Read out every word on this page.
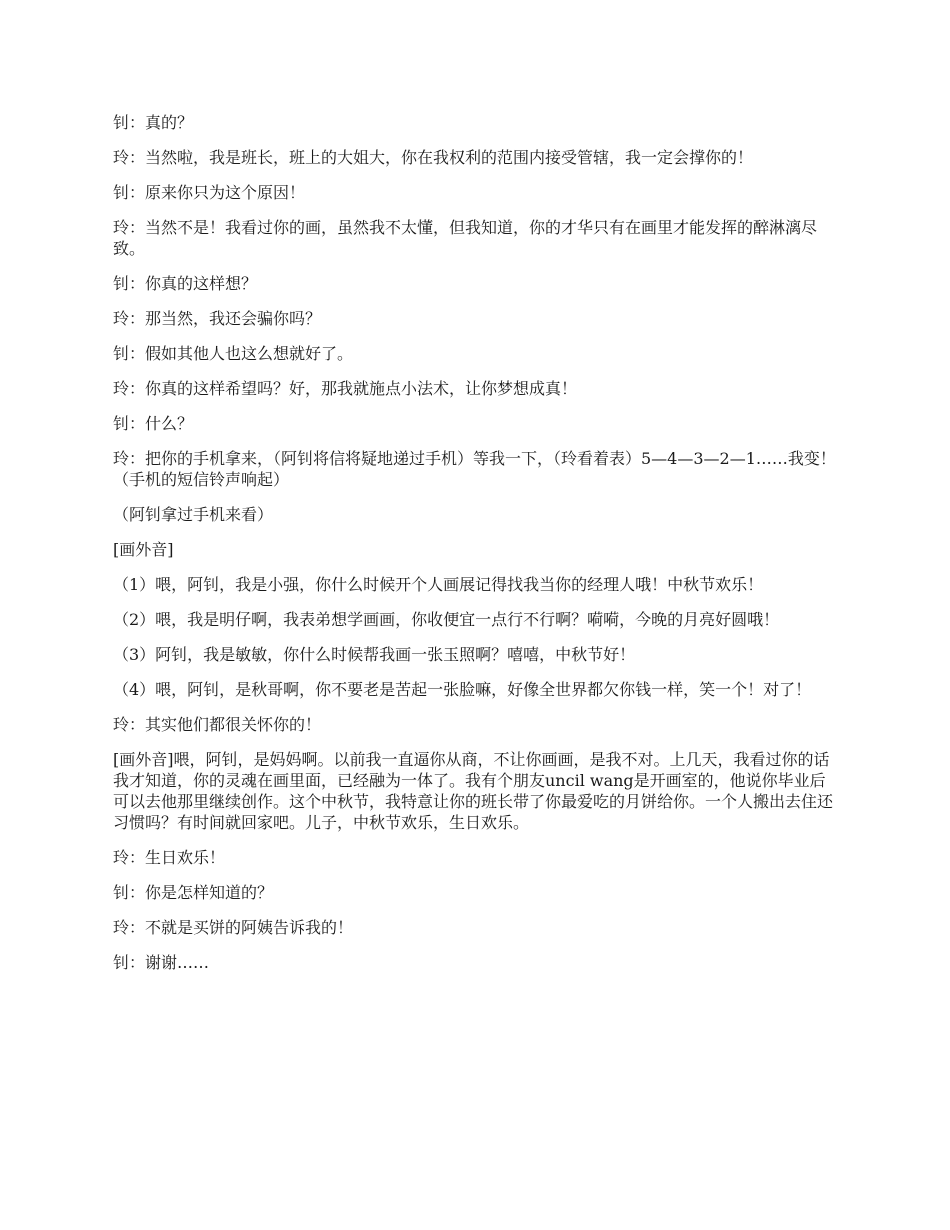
钊：真的？

玲：当然啦，我是班长，班上的大姐大，你在我权利的范围内接受管辖，我一定会撑你的！

钊：原来你只为这个原因！

玲：当然不是！我看过你的画，虽然我不太懂，但我知道，你的才华只有在画里才能发挥的醉淋漓尽致。

钊：你真的这样想？

玲：那当然，我还会骗你吗？

钊：假如其他人也这么想就好了。

玲：你真的这样希望吗？好，那我就施点小法术，让你梦想成真！

钊：什么？

玲：把你的手机拿来，（阿钊将信将疑地递过手机）等我一下，（玲看着表）5—4—3—2—1……我变！（手机的短信铃声响起）

（阿钊拿过手机来看）

[画外音]

（1）喂，阿钊，我是小强，你什么时候开个人画展记得找我当你的经理人哦！中秋节欢乐！

（2）喂，我是明仔啊，我表弟想学画画，你收便宜一点行不行啊？嗬嗬，今晚的月亮好圆哦！

（3）阿钊，我是敏敏，你什么时候帮我画一张玉照啊？嘻嘻，中秋节好！

（4）喂，阿钊，是秋哥啊，你不要老是苦起一张脸嘛，好像全世界都欠你钱一样，笑一个！对了！

玲：其实他们都很关怀你的！

[画外音]喂，阿钊，是妈妈啊。以前我一直逼你从商，不让你画画，是我不对。上几天，我看过你的话我才知道，你的灵魂在画里面，已经融为一体了。我有个朋友uncil wang是开画室的，他说你毕业后可以去他那里继续创作。这个中秋节，我特意让你的班长带了你最爱吃的月饼给你。一个人搬出去住还习惯吗？有时间就回家吧。儿子，中秋节欢乐，生日欢乐。

玲：生日欢乐！

钊：你是怎样知道的？

玲：不就是买饼的阿姨告诉我的！

钊：谢谢……
